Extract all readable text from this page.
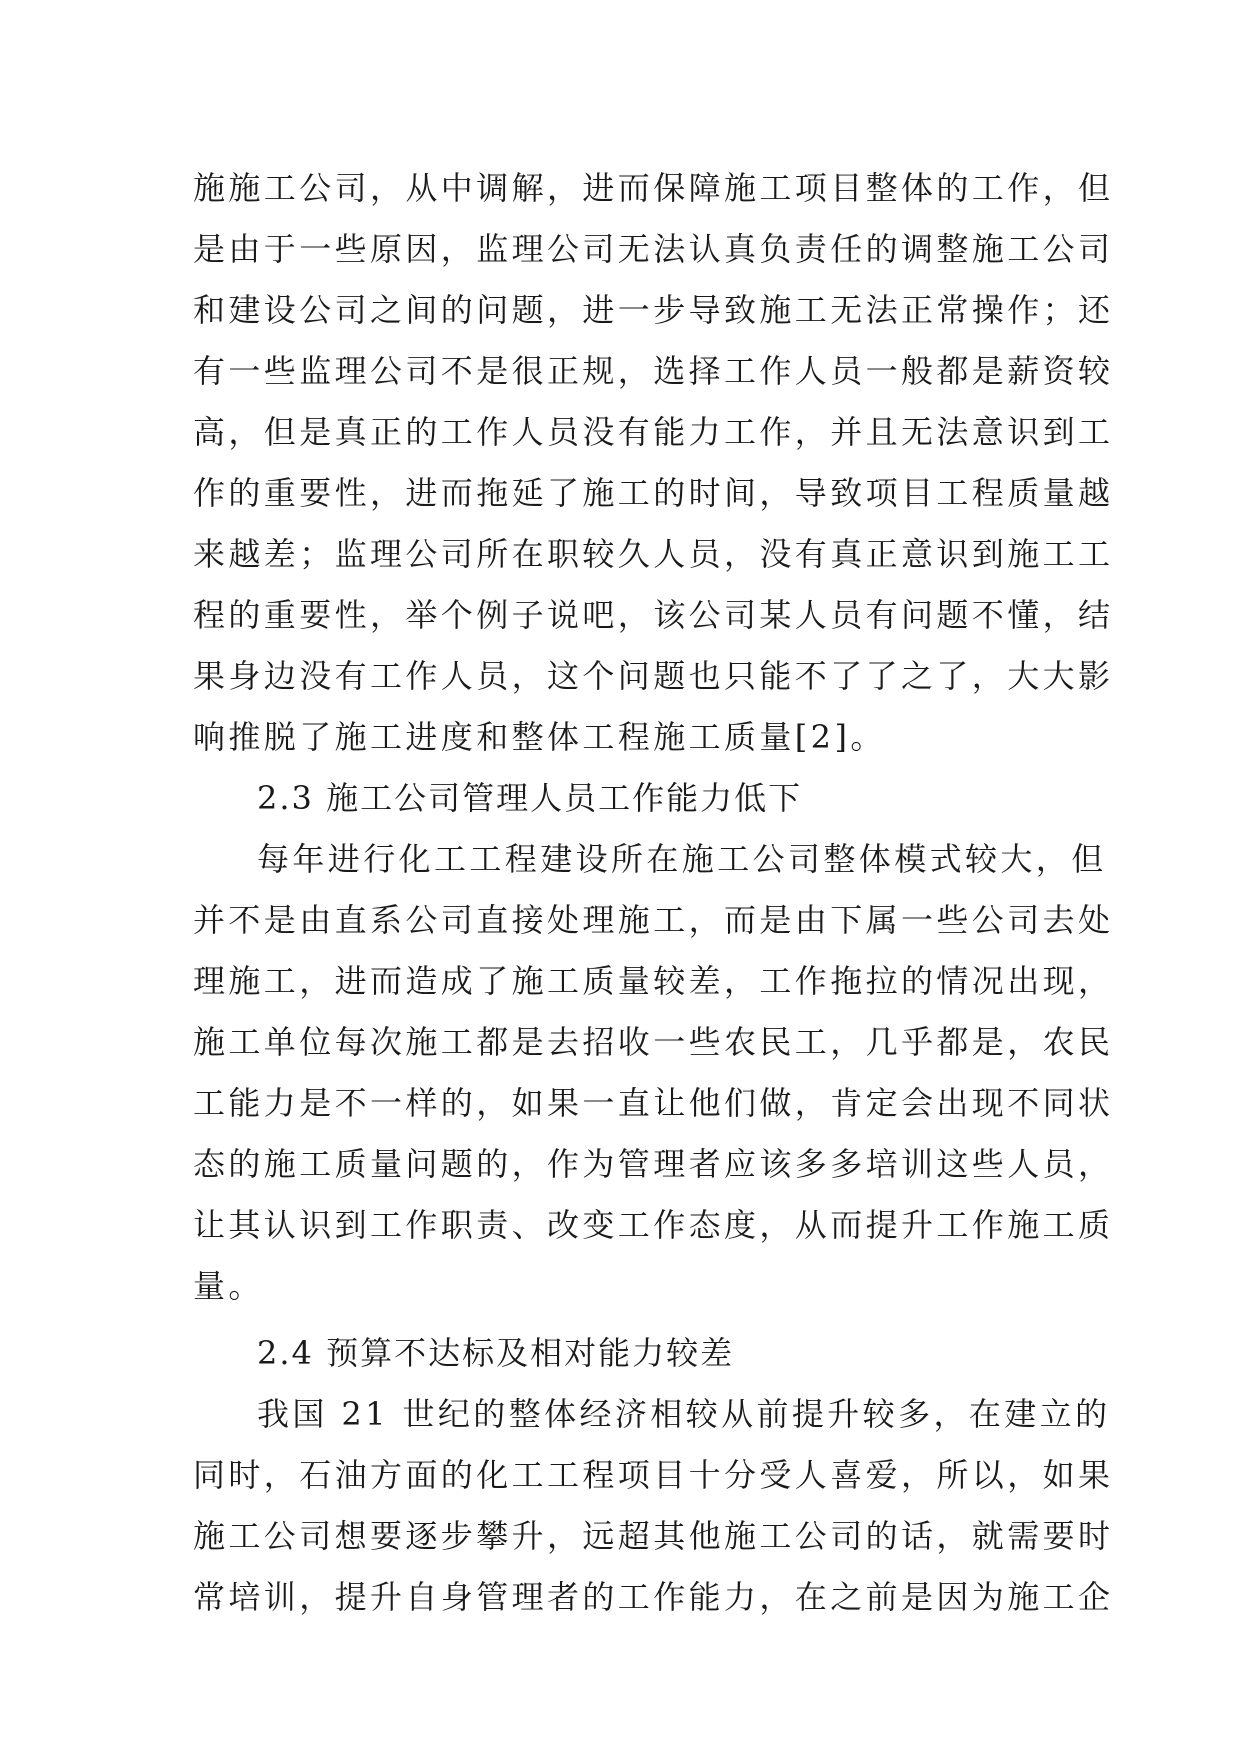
施施工公司，从中调解，进而保障施工项目整体的工作，但
是由于一些原因，监理公司无法认真负责任的调整施工公司
和建设公司之间的问题，进一步导致施工无法正常操作；还
有一些监理公司不是很正规，选择工作人员一般都是薪资较
高，但是真正的工作人员没有能力工作，并且无法意识到工
作的重要性，进而拖延了施工的时间，导致项目工程质量越
来越差；监理公司所在职较久人员，没有真正意识到施工工
程的重要性，举个例子说吧，该公司某人员有问题不懂，结
果身边没有工作人员，这个问题也只能不了了之了，大大影
响推脱了施工进度和整体工程施工质量[2]。
2.3 施工公司管理人员工作能力低下
每年进行化工工程建设所在施工公司整体模式较大，但
并不是由直系公司直接处理施工，而是由下属一些公司去处
理施工，进而造成了施工质量较差，工作拖拉的情况出现，
施工单位每次施工都是去招收一些农民工，几乎都是，农民
工能力是不一样的，如果一直让他们做，肯定会出现不同状
态的施工质量问题的，作为管理者应该多多培训这些人员，
让其认识到工作职责、改变工作态度，从而提升工作施工质
量。
2.4 预算不达标及相对能力较差
我国 21 世纪的整体经济相较从前提升较多，在建立的
同时，石油方面的化工工程项目十分受人喜爱，所以，如果
施工公司想要逐步攀升，远超其他施工公司的话，就需要时
常培训，提升自身管理者的工作能力，在之前是因为施工企
